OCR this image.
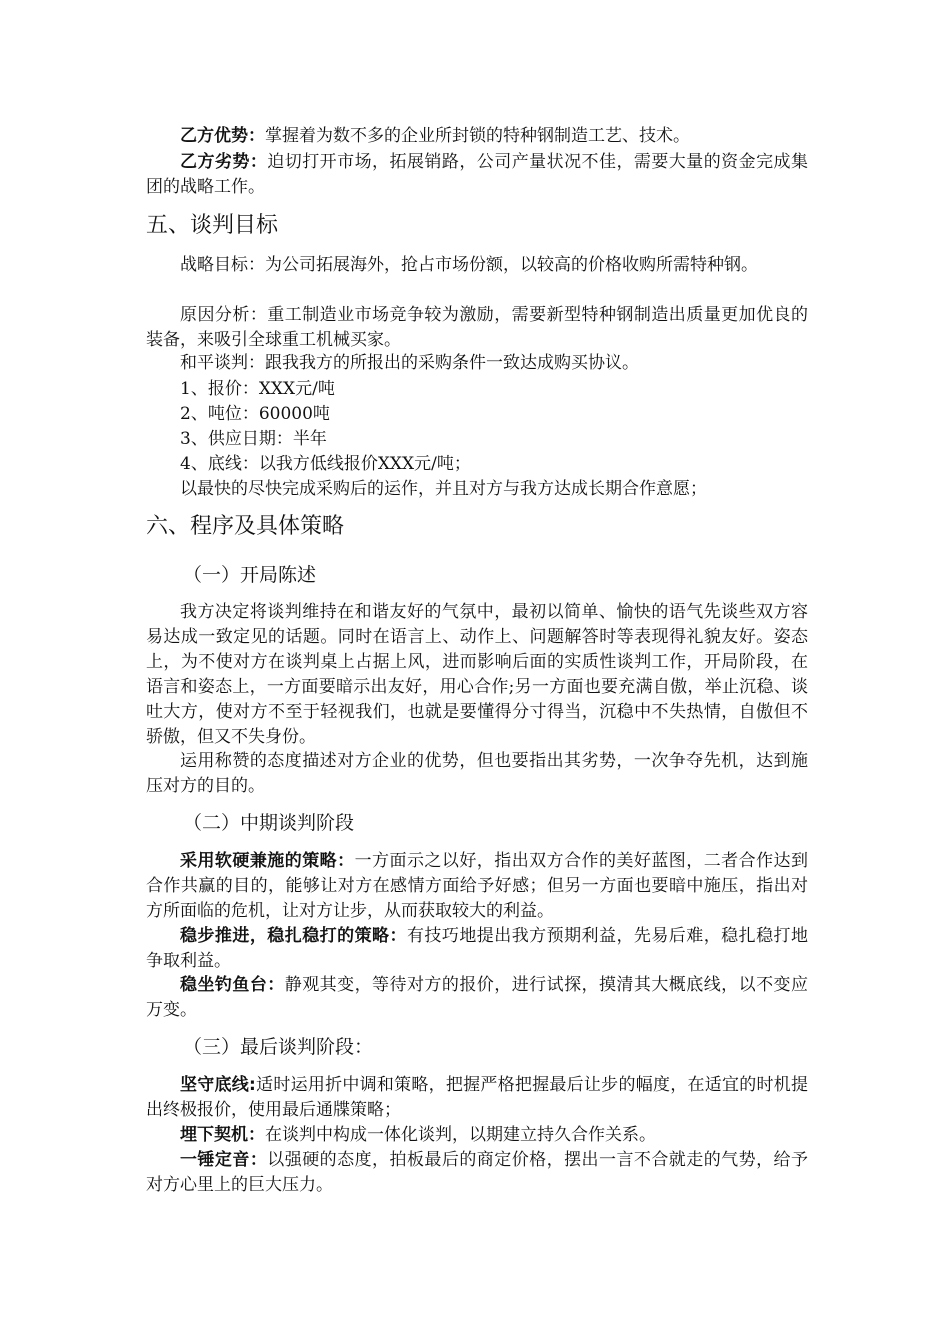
乙方优势：掌握着为数不多的企业所封锁的特种钢制造工艺、技术。

乙方劣势：迫切打开市场，拓展销路，公司产量状况不佳，需要大量的资金完成集团的战略工作。

五、谈判目标

战略目标：为公司拓展海外，抢占市场份额，以较高的价格收购所需特种钢。

原因分析：重工制造业市场竞争较为激励，需要新型特种钢制造出质量更加优良的装备，来吸引全球重工机械买家。

和平谈判：跟我我方的所报出的采购条件一致达成购买协议。

1、报价：XXX元/吨

2、吨位：60000吨

3、供应日期：半年

4、底线：以我方低线报价XXX元/吨；

以最快的尽快完成采购后的运作，并且对方与我方达成长期合作意愿；

六、程序及具体策略
（一）开局陈述

我方决定将谈判维持在和谐友好的气氛中，最初以简单、愉快的语气先谈些双方容易达成一致定见的话题。同时在语言上、动作上、问题解答时等表现得礼貌友好。姿态上，为不使对方在谈判桌上占据上风，进而影响后面的实质性谈判工作，开局阶段，在语言和姿态上，一方面要暗示出友好，用心合作;另一方面也要充满自傲，举止沉稳、谈吐大方，使对方不至于轻视我们，也就是要懂得分寸得当，沉稳中不失热情，自傲但不骄傲，但又不失身份。

运用称赞的态度描述对方企业的优势，但也要指出其劣势，一次争夺先机，达到施压对方的目的。

（二）中期谈判阶段

采用软硬兼施的策略：一方面示之以好，指出双方合作的美好蓝图，二者合作达到合作共赢的目的，能够让对方在感情方面给予好感；但另一方面也要暗中施压，指出对方所面临的危机，让对方让步，从而获取较大的利益。

稳步推进，稳扎稳打的策略：有技巧地提出我方预期利益，先易后难，稳扎稳打地争取利益。

稳坐钓鱼台：静观其变，等待对方的报价，进行试探，摸清其大概底线，以不变应万变。

（三）最后谈判阶段：

坚守底线:适时运用折中调和策略，把握严格把握最后让步的幅度，在适宜的时机提出终极报价，使用最后通牒策略；

埋下契机：在谈判中构成一体化谈判，以期建立持久合作关系。

一锤定音：以强硬的态度，拍板最后的商定价格，摆出一言不合就走的气势，给予对方心里上的巨大压力。
